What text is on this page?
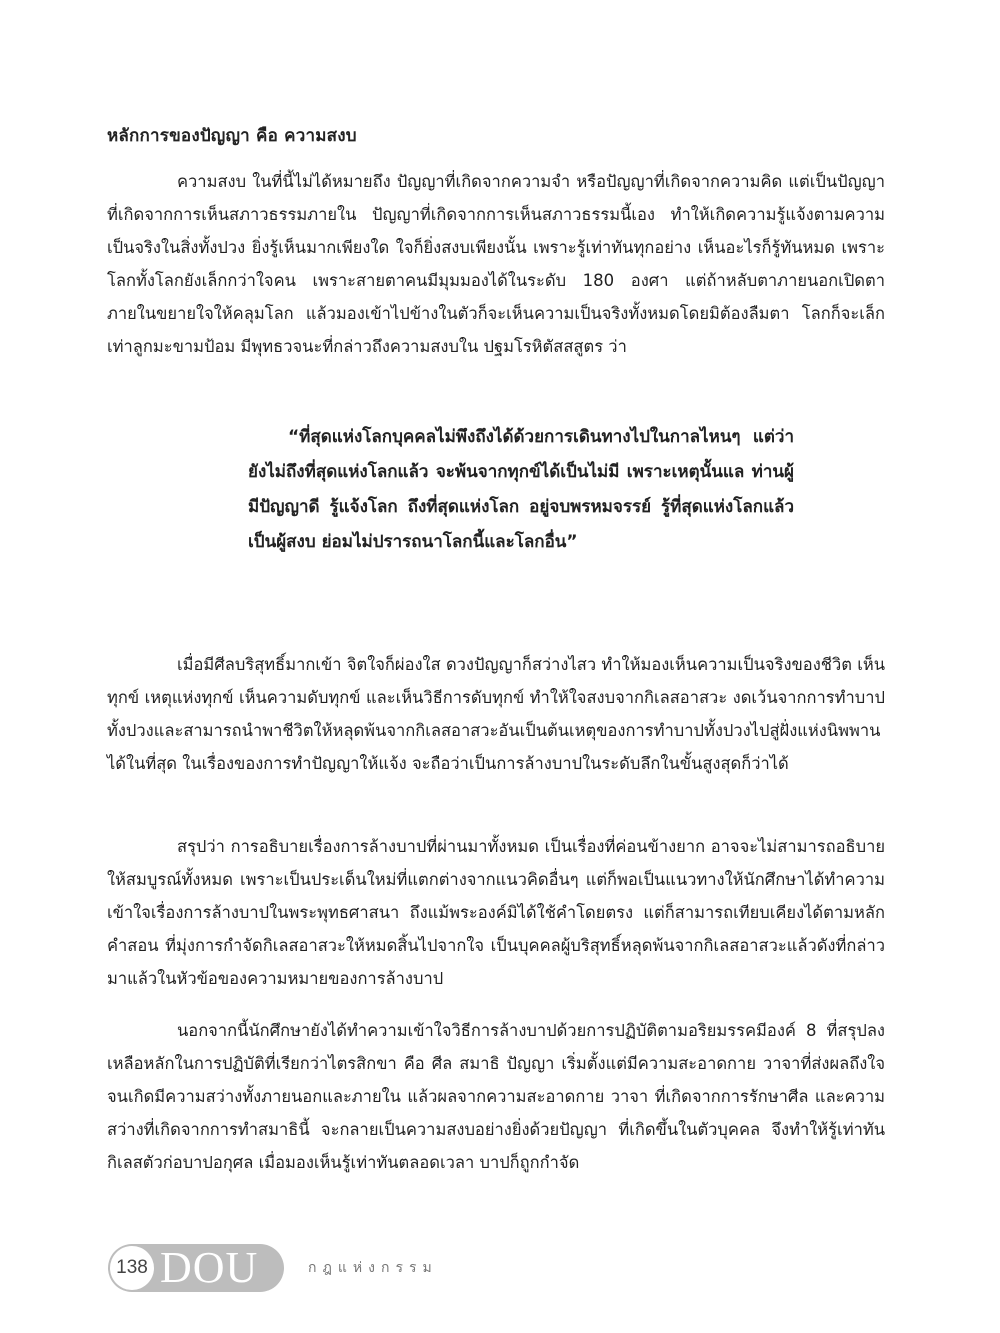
หลักการของปัญญา คือ ความสงบ

ความสงบ ในที่นี้ไม่ได้หมายถึง ปัญญาที่เกิดจากความจำ หรือปัญญาที่เกิดจากความคิด แต่เป็นปัญญาที่เกิดจากการเห็นสภาวธรรมภายใน ปัญญาที่เกิดจากการเห็นสภาวธรรมนี้เอง ทำให้เกิดความรู้แจ้งตามความเป็นจริงในสิ่งทั้งปวง ยิ่งรู้เห็นมากเพียงใด ใจก็ยิ่งสงบเพียงนั้น เพราะรู้เท่าทันทุกอย่าง เห็นอะไรก็รู้ทันหมด เพราะโลกทั้งโลกยังเล็กกว่าใจคน เพราะสายตาคนมีมุมมองได้ในระดับ 180 องศา แต่ถ้าหลับตาภายนอกเปิดตาภายในขยายใจให้คลุมโลก แล้วมองเข้าไปข้างในตัวก็จะเห็นความเป็นจริงทั้งหมดโดยมิต้องลืมตา โลกก็จะเล็กเท่าลูกมะขามป้อม มีพุทธวจนะที่กล่าวถึงความสงบใน ปฐมโรหิตัสสสูตร ว่า

“ที่สุดแห่งโลกบุคคลไม่พึงถึงได้ด้วยการเดินทางไปในกาลไหนๆ แต่ว่า ยังไม่ถึงที่สุดแห่งโลกแล้ว จะพ้นจากทุกข์ได้เป็นไม่มี เพราะเหตุนั้นแล ท่านผู้มีปัญญาดี รู้แจ้งโลก ถึงที่สุดแห่งโลก อยู่จบพรหมจรรย์ รู้ที่สุดแห่งโลกแล้ว เป็นผู้สงบ ย่อมไม่ปรารถนาโลกนี้และโลกอื่น”

เมื่อมีศีลบริสุทธิ์มากเข้า จิตใจก็ผ่องใส ดวงปัญญาก็สว่างไสว ทำให้มองเห็นความเป็นจริงของชีวิต เห็นทุกข์ เหตุแห่งทุกข์ เห็นความดับทุกข์ และเห็นวิธีการดับทุกข์ ทำให้ใจสงบจากกิเลสอาสวะ งดเว้นจากการทำบาปทั้งปวงและสามารถนำพาชีวิตให้หลุดพ้นจากกิเลสอาสวะอันเป็นต้นเหตุของการทำบาปทั้งปวงไปสู่ฝั่งแห่งนิพพานได้ในที่สุด ในเรื่องของการทำปัญญาให้แจ้ง จะถือว่าเป็นการล้างบาปในระดับลึกในขั้นสูงสุดก็ว่าได้

สรุปว่า การอธิบายเรื่องการล้างบาปที่ผ่านมาทั้งหมด เป็นเรื่องที่ค่อนข้างยาก อาจจะไม่สามารถอธิบายให้สมบูรณ์ทั้งหมด เพราะเป็นประเด็นใหม่ที่แตกต่างจากแนวคิดอื่นๆ แต่ก็พอเป็นแนวทางให้นักศึกษาได้ทำความเข้าใจเรื่องการล้างบาปในพระพุทธศาสนา ถึงแม้พระองค์มิได้ใช้คำโดยตรง แต่ก็สามารถเทียบเคียงได้ตามหลักคำสอน ที่มุ่งการกำจัดกิเลสอาสวะให้หมดสิ้นไปจากใจ เป็นบุคคลผู้บริสุทธิ์หลุดพ้นจากกิเลสอาสวะแล้วดังที่กล่าวมาแล้วในหัวข้อของความหมายของการล้างบาป

นอกจากนี้นักศึกษายังได้ทำความเข้าใจวิธีการล้างบาปด้วยการปฏิบัติตามอริยมรรคมีองค์ 8 ที่สรุปลงเหลือหลักในการปฏิบัติที่เรียกว่าไตรสิกขา คือ ศีล สมาธิ ปัญญา เริ่มตั้งแต่มีความสะอาดกาย วาจาที่ส่งผลถึงใจ จนเกิดมีความสว่างทั้งภายนอกและภายใน แล้วผลจากความสะอาดกาย วาจา ที่เกิดจากการรักษาศีล และความสว่างที่เกิดจากการทำสมาธินี้ จะกลายเป็นความสงบอย่างยิ่งด้วยปัญญา ที่เกิดขึ้นในตัวบุคคล จึงทำให้รู้เท่าทันกิเลสตัวก่อบาปอกุศล เมื่อมองเห็นรู้เท่าทันตลอดเวลา บาปก็ถูกกำจัด

138 DOU	กฎแห่งกรรม
